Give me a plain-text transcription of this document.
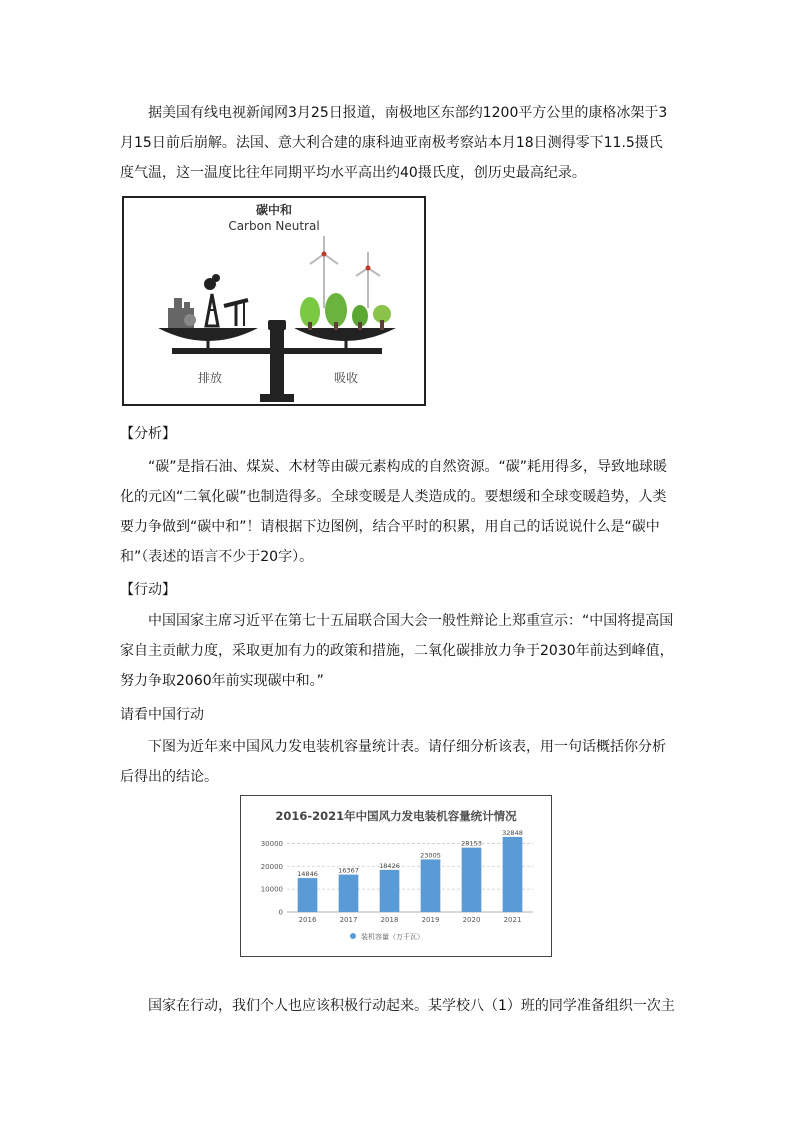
据美国有线电视新闻网3月25日报道，南极地区东部约1200平方公里的康格冰架于3月15日前后崩解。法国、意大利合建的康科迪亚南极考察站本月18日测得零下11.5摄氏度气温，这一温度比往年同期平均水平高出约40摄氏度，创历史最高纪录。

碳中和
Carbon Neutral
排放	吸收

【分析】

“碳”是指石油、煤炭、木材等由碳元素构成的自然资源。“碳”耗用得多，导致地球暖化的元凶“二氧化碳”也制造得多。全球变暖是人类造成的。要想缓和全球变暖趋势，人类要力争做到“碳中和”！请根据下边图例，结合平时的积累，用自己的话说说什么是“碳中和”（表述的语言不少于20字）。

【行动】

中国国家主席习近平在第七十五届联合国大会一般性辩论上郑重宣示：“中国将提高国家自主贡献力度，采取更加有力的政策和措施，二氧化碳排放力争于2030年前达到峰值，努力争取2060年前实现碳中和。”

请看中国行动

下图为近年来中国风力发电装机容量统计表。请仔细分析该表，用一句话概括你分析后得出的结论。

2016-2021年中国风力发电装机容量统计情况
0
10000
20000
30000
14846
2016
16367
2017
18426
2018
23005
2019
28153
2020
32848
2021
装机容量（万千瓦）

国家在行动，我们个人也应该积极行动起来。某学校八（1）班的同学准备组织一次主
